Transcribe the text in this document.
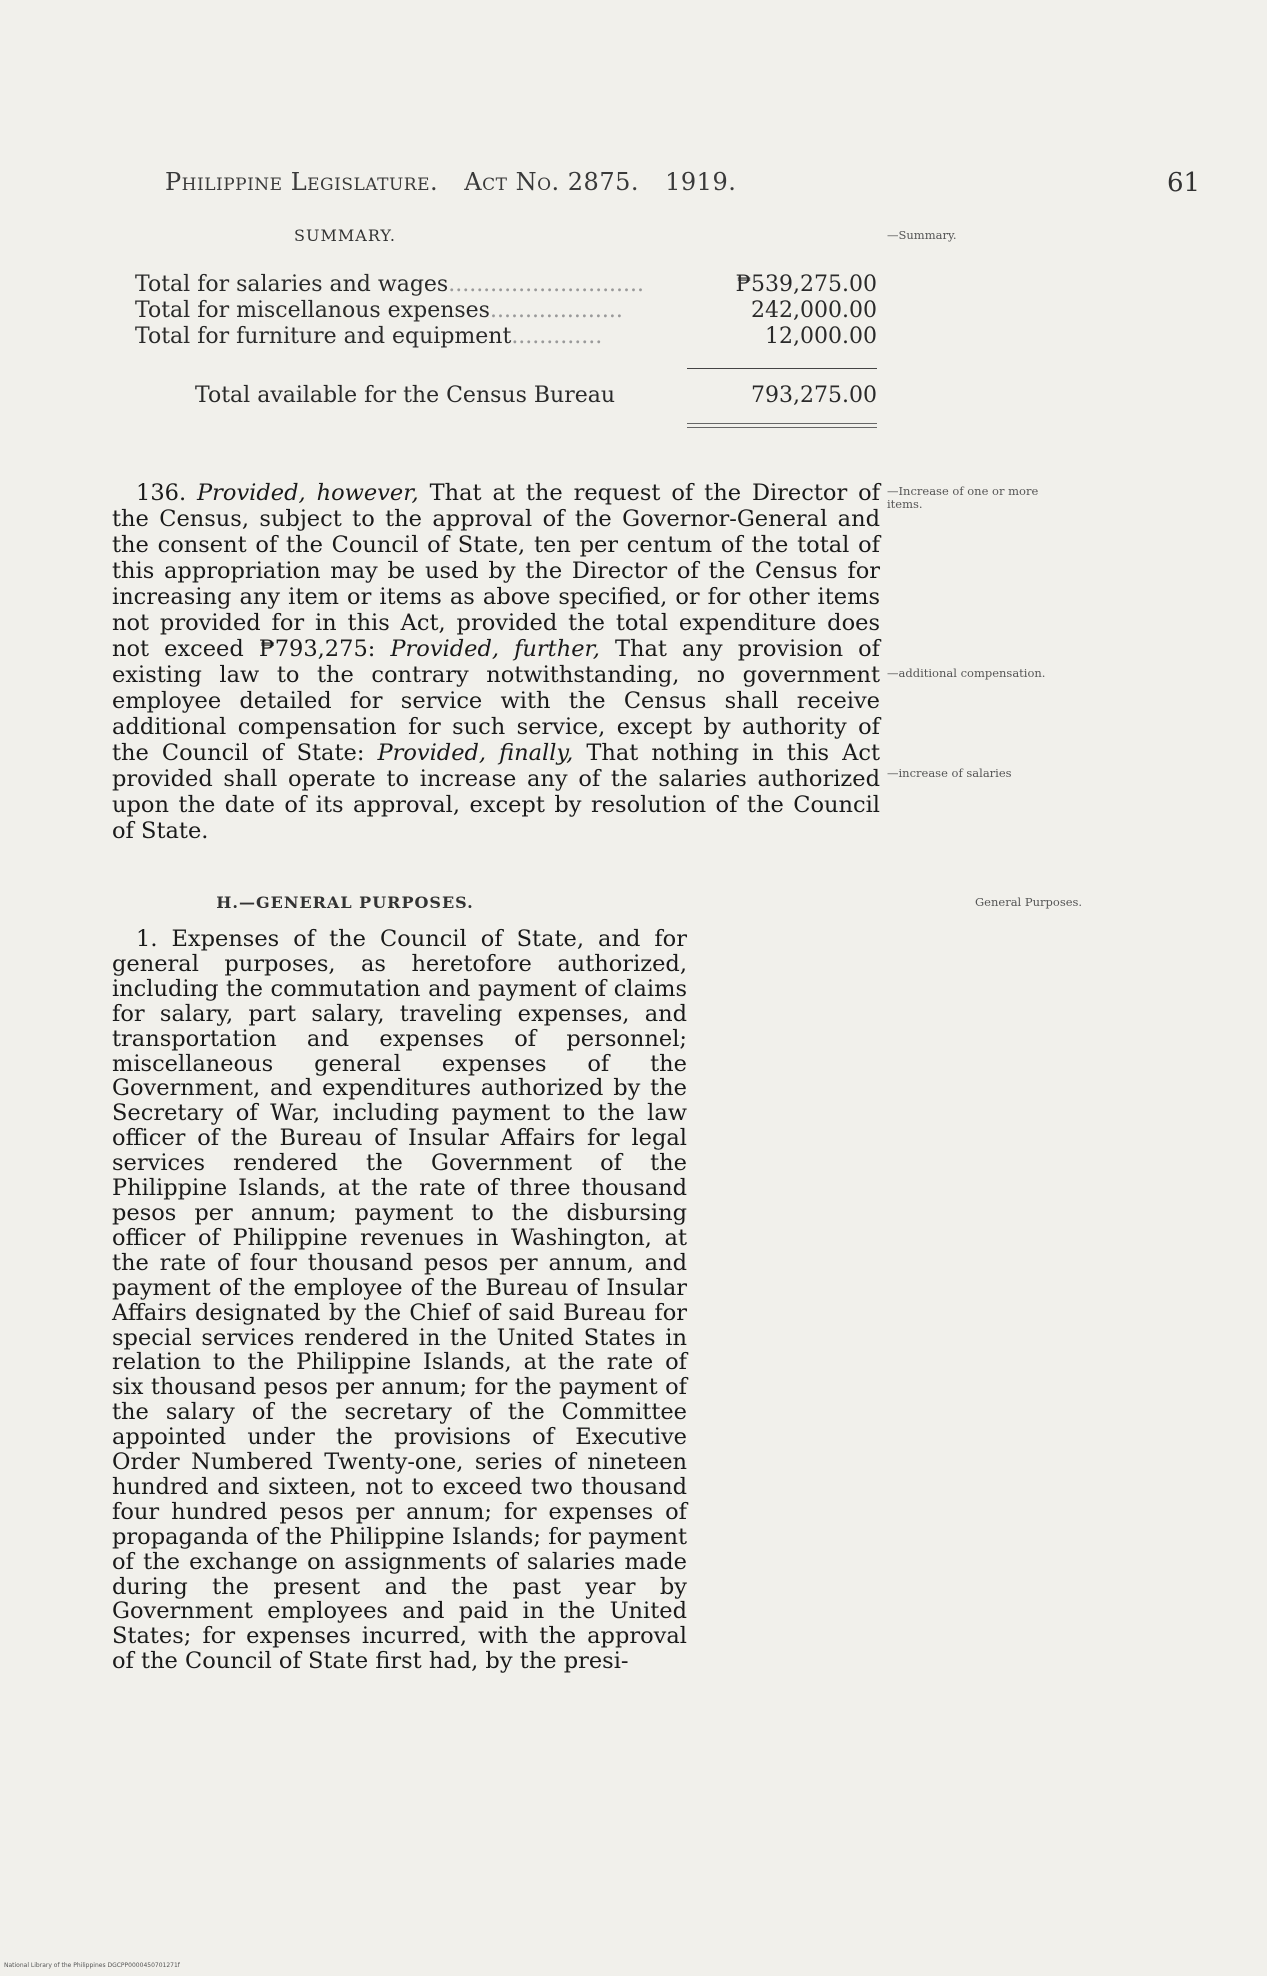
Philippine Legislature. Act No. 2875. 1919.	61
SUMMARY.	—Summary.
Total for salaries and wages............................	₱539,275.00
Total for miscellanous expenses...................	242,000.00
Total for furniture and equipment.............	12,000.00
Total available for the Census Bureau	793,275.00
—Increase of one or more items.
—additional compensation.
—increase of salaries

136. Provided, however, That at the request of the Director of the Census, subject to the approval of the Governor-General and the consent of the Council of State, ten per centum of the total of this appropriation may be used by the Director of the Census for increasing any item or items as above specified, or for other items not provided for in this Act, provided the total expenditure does not exceed ₱793,275: Provided, further, That any provision of existing law to the contrary notwithstanding, no government employee detailed for service with the Census shall receive additional compensation for such service, except by authority of the Council of State: Provided, finally, That nothing in this Act provided shall operate to increase any of the salaries authorized upon the date of its approval, except by resolution of the Council of State.

H.—GENERAL PURPOSES.	General Purposes.

1. Expenses of the Council of State, and for general purposes, as heretofore authorized, including the commutation and payment of claims for salary, part salary, traveling expenses, and transportation and expenses of personnel; miscellaneous general expenses of the Government, and expenditures authorized by the Secretary of War, including payment to the law officer of the Bureau of Insular Affairs for legal services rendered the Government of the Philippine Islands, at the rate of three thousand pesos per annum; payment to the disbursing officer of Philippine revenues in Washington, at the rate of four thousand pesos per annum, and payment of the employee of the Bureau of Insular Affairs designated by the Chief of said Bureau for special services rendered in the United States in relation to the Philippine Islands, at the rate of six thousand pesos per annum; for the payment of the salary of the secretary of the Committee appointed under the provisions of Executive Order Numbered Twenty-one, series of nineteen hundred and sixteen, not to exceed two thousand four hundred pesos per annum; for expenses of propaganda of the Philippine Islands; for payment of the exchange on assignments of salaries made during the present and the past year by Government employees and paid in the United States; for expenses incurred, with the approval of the Council of State first had, by the presi-

National Library of the Philippines DGCPP0000450701271f
